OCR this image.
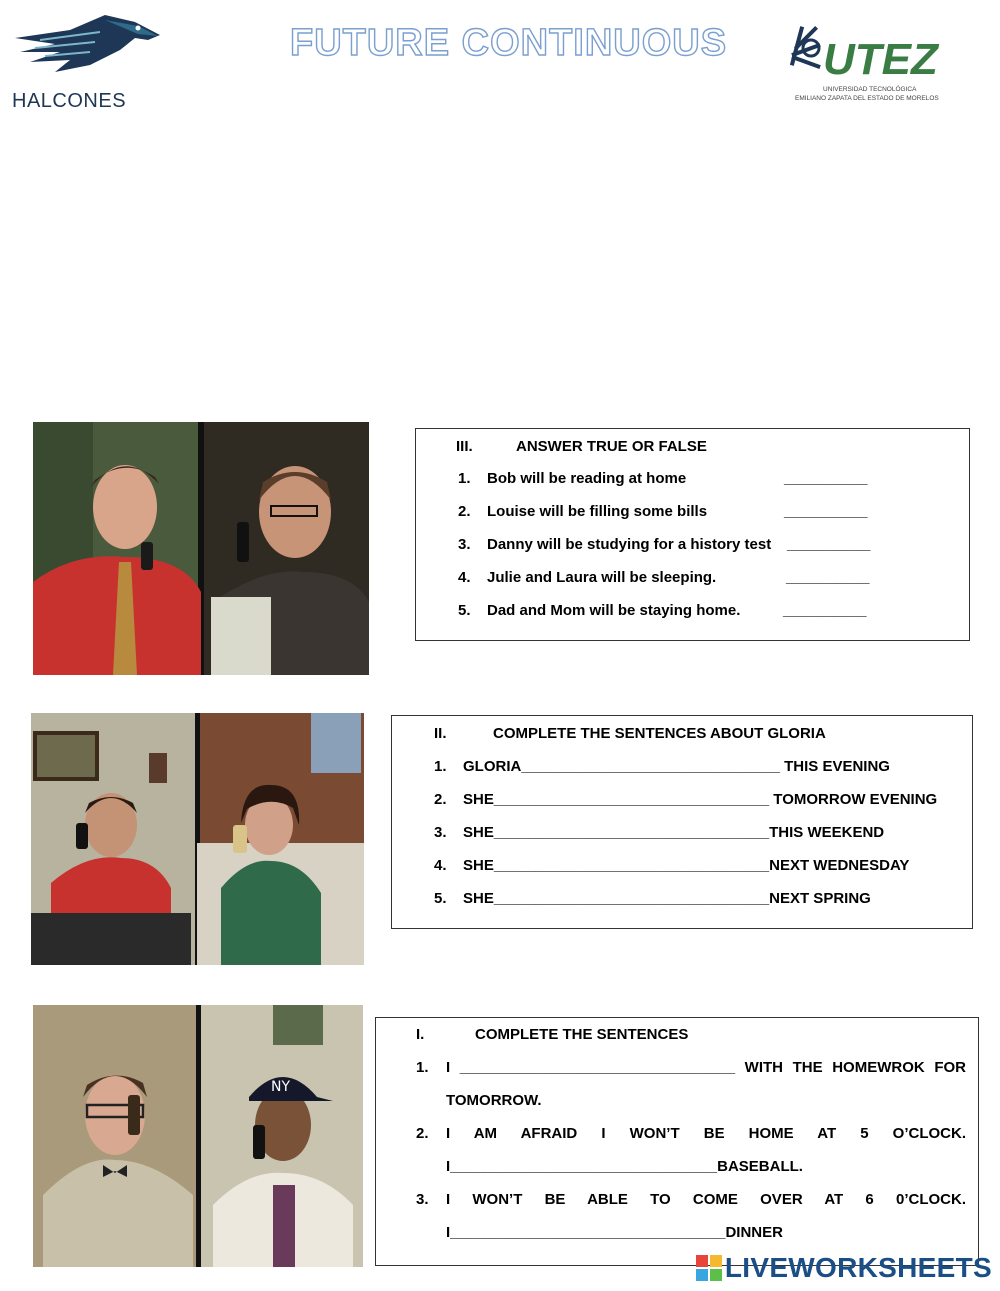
HALCONES
FUTURE CONTINUOUS UTEZ
UNIVERSIDAD TECNOLÓGICA
EMILIANO ZAPATA DEL ESTADO DE MORELOS
III.	ANSWER TRUE OR FALSE
1. Bob will be reading at home	__________
2. Louise will be filling some bills	__________
3. Danny will be studying for a history test __________
4. Julie and Laura will be sleeping.	__________
5. Dad and Mom will be staying home.	__________
II.	COMPLETE THE SENTENCES ABOUT GLORIA
1. GLORIA_______________________________ THIS EVENING
2. SHE_________________________________ TOMORROW EVENING
3. SHE_________________________________THIS WEEKEND
4. SHE_________________________________NEXT WEDNESDAY
5. SHE_________________________________NEXT SPRING
NY
I.	COMPLETE THE SENTENCES
1. I _________________________________ WITH THE HOMEWROK FOR
TOMORROW.
2. I AM AFRAID I WON’T BE HOME AT 5 O’CLOCK.
I________________________________BASEBALL.
3. I WON’T BE ABLE TO COME OVER AT 6 0’CLOCK.
I_________________________________DINNER
LIVEWORKSHEETS
